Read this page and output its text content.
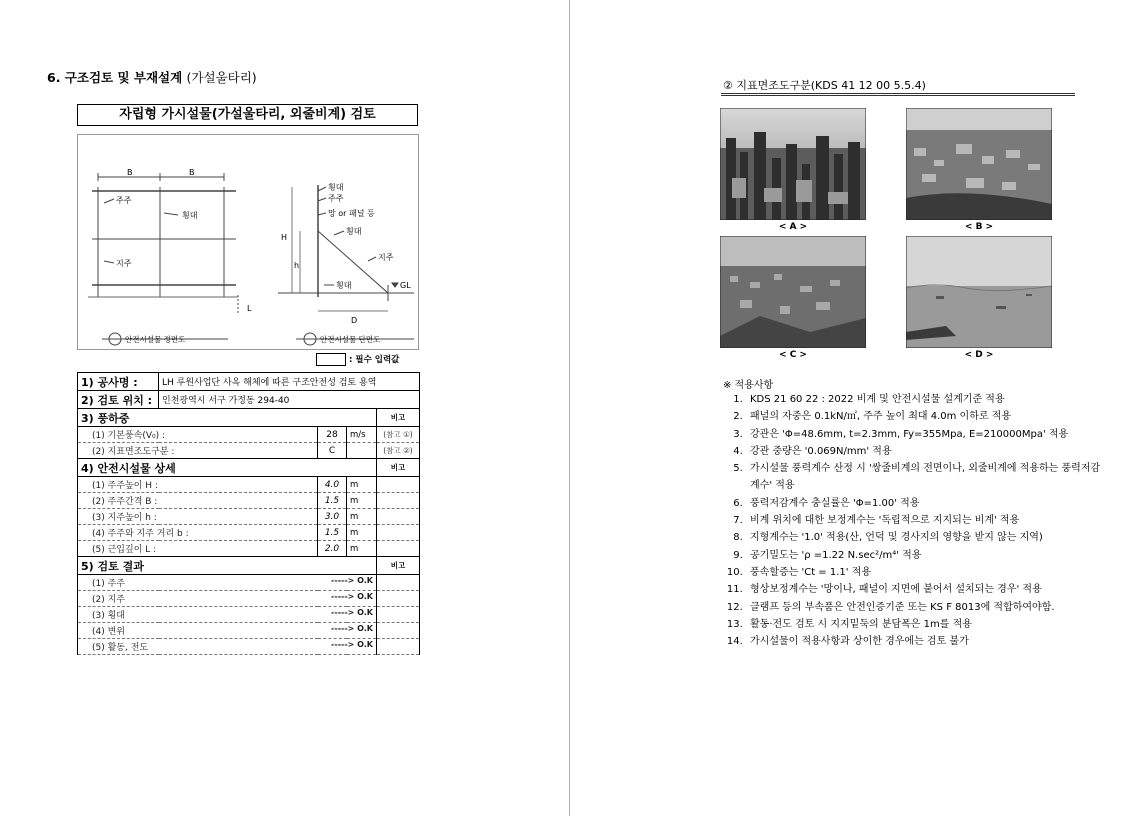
6. 구조검토 및 부재설계 (가설울타리)
자립형 가시설물(가설울타리, 외줄비계) 검토
B	B
주주
횡대
지주
L
안전시설물 정면도
횡대
주주
망 or 패널 등
횡대
지주
횡대
H
h
GL
D
안전시설물 단면도
: 필수 입력값
1) 공사명 :	LH 루원사업단 사옥 해체에 따른 구조안전성 검토 용역			
2) 검토 위치 :	인천광역시 서구 가정동 294-40			
3) 풍하중				비고
(1) 기본풍속(V₀) :		28	m/s	(참고 ①)
(2) 지표면조도구분 :		C		(참고 ②)
4) 안전시설물 상세				비고
(1) 주주높이 H :		4.0	m	
(2) 주주간격 B :		1.5	m	
(3) 지주높이 h :		3.0	m	
(4) 주주와 지주 거리 b :		1.5	m	
(5) 근입깊이 L :		2.0	m	
5) 검토 결과				비고
(1) 주주 -----> O.K				

(2) 지주 -----> O.K				

(3) 횡대 -----> O.K				

(4) 변위 -----> O.K				

(5) 활동, 전도 -----> O.K				

② 지표면조도구분(KDS 41 12 00 5.5.4)
< A >	< B >
< C >	< D >
※ 적용사항
1. KDS 21 60 22 : 2022 비계 및 안전시설물 설계기준 적용
2. 패널의 자중은 0.1kN/㎡, 주주 높이 최대 4.0m 이하로 적용
3. 강관은 'Φ=48.6mm, t=2.3mm, Fy=355Mpa, E=210000Mpa' 적용
4. 강관 중량은 '0.069N/mm' 적용
5. 가시설물 풍력계수 산정 시 '쌍줄비계의 전면이나, 외줄비계에 적용하는 풍력저감계수' 적용
6. 풍력저감계수 충실률은 'Φ=1.00' 적용
7. 비계 위치에 대한 보정계수는 '독립적으로 지지되는 비계' 적용
8. 지형계수는 '1.0' 적용(산, 언덕 및 경사지의 영향을 받지 않는 지역)
9. 공기밀도는 'ρ =1.22 N.sec²/m⁴' 적용
10. 풍속할증는 'Ct = 1.1' 적용
11. 형상보정계수는 '망이나, 패널이 지면에 붙어서 설치되는 경우' 적용
12. 클램프 등의 부속품은 안전인증기준 또는 KS F 8013에 적합하여야함.
13. 활동·전도 검토 시 지지밑둑의 분담폭은 1m를 적용
14. 가시설물이 적용사항과 상이한 경우에는 검토 불가
